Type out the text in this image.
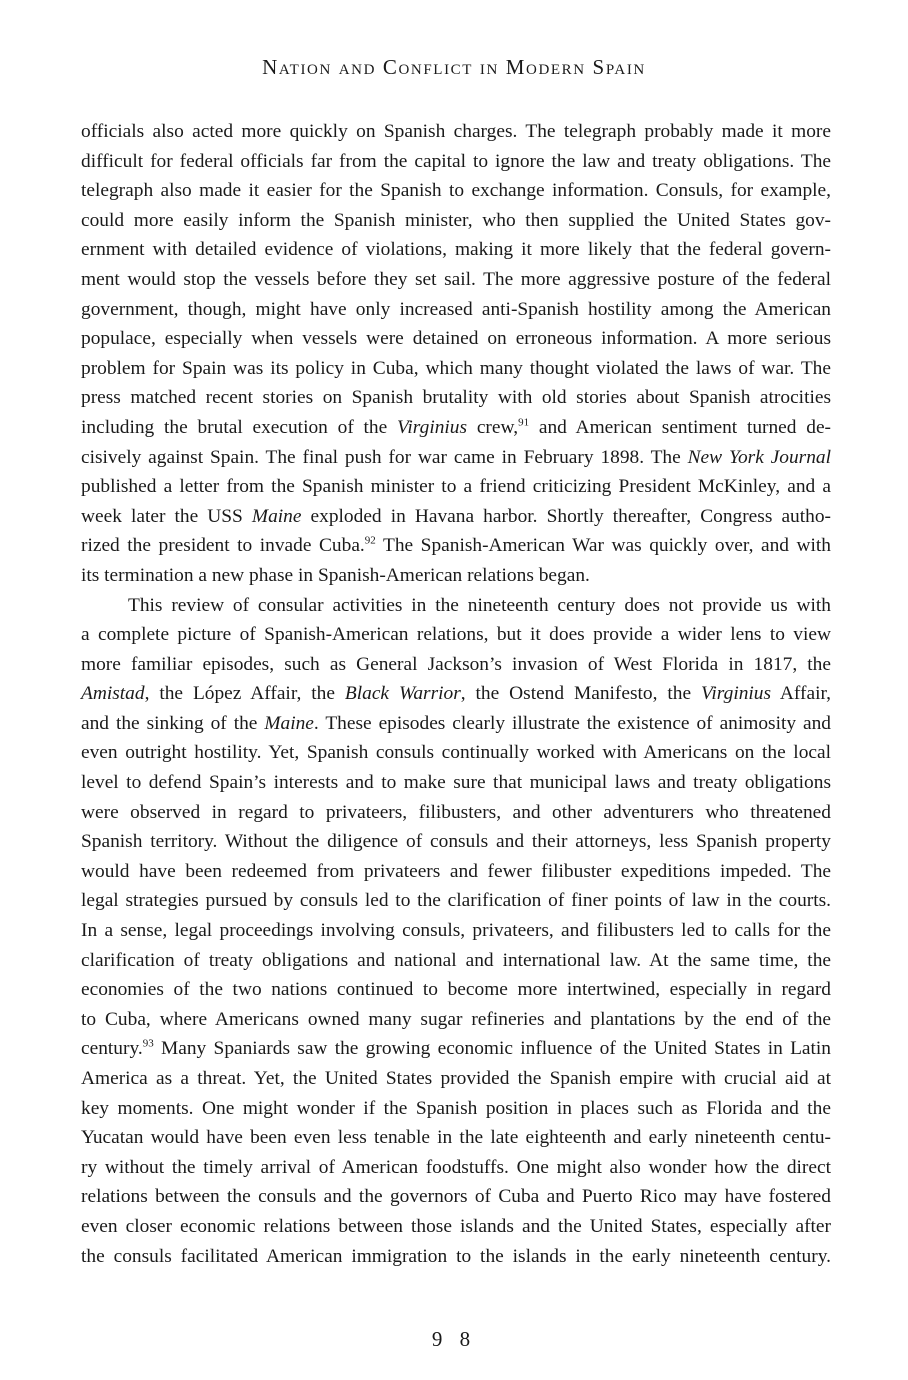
Nation and Conflict in Modern Spain

officials also acted more quickly on Spanish charges. The telegraph probably made it more
difficult for federal officials far from the capital to ignore the law and treaty obligations. The
telegraph also made it easier for the Spanish to exchange information. Consuls, for example,
could more easily inform the Spanish minister, who then supplied the United States gov-
ernment with detailed evidence of violations, making it more likely that the federal govern-
ment would stop the vessels before they set sail. The more aggressive posture of the federal
government, though, might have only increased anti-Spanish hostility among the American
populace, especially when vessels were detained on erroneous information. A more serious
problem for Spain was its policy in Cuba, which many thought violated the laws of war. The
press matched recent stories on Spanish brutality with old stories about Spanish atrocities
including the brutal execution of the Virginius crew,$^{91}$ and American sentiment turned de-
cisively against Spain. The final push for war came in February 1898. The New York Journal
published a letter from the Spanish minister to a friend criticizing President McKinley, and a
week later the USS Maine exploded in Havana harbor. Shortly thereafter, Congress autho-
rized the president to invade Cuba.$^{92}$ The Spanish-American War was quickly over, and with
its termination a new phase in Spanish-American relations began.

This review of consular activities in the nineteenth century does not provide us with
a complete picture of Spanish-American relations, but it does provide a wider lens to view
more familiar episodes, such as General Jackson’s invasion of West Florida in 1817, the
Amistad, the López Affair, the Black Warrior, the Ostend Manifesto, the Virginius Affair,
and the sinking of the Maine. These episodes clearly illustrate the existence of animosity and
even outright hostility. Yet, Spanish consuls continually worked with Americans on the local
level to defend Spain’s interests and to make sure that municipal laws and treaty obligations
were observed in regard to privateers, filibusters, and other adventurers who threatened
Spanish territory. Without the diligence of consuls and their attorneys, less Spanish property
would have been redeemed from privateers and fewer filibuster expeditions impeded. The
legal strategies pursued by consuls led to the clarification of finer points of law in the courts.
In a sense, legal proceedings involving consuls, privateers, and filibusters led to calls for the
clarification of treaty obligations and national and international law. At the same time, the
economies of the two nations continued to become more intertwined, especially in regard
to Cuba, where Americans owned many sugar refineries and plantations by the end of the
century.$^{93}$ Many Spaniards saw the growing economic influence of the United States in Latin
America as a threat. Yet, the United States provided the Spanish empire with crucial aid at
key moments. One might wonder if the Spanish position in places such as Florida and the
Yucatan would have been even less tenable in the late eighteenth and early nineteenth centu-
ry without the timely arrival of American foodstuffs. One might also wonder how the direct
relations between the consuls and the governors of Cuba and Puerto Rico may have fostered
even closer economic relations between those islands and the United States, especially after
the consuls facilitated American immigration to the islands in the early nineteenth century.

9 8
